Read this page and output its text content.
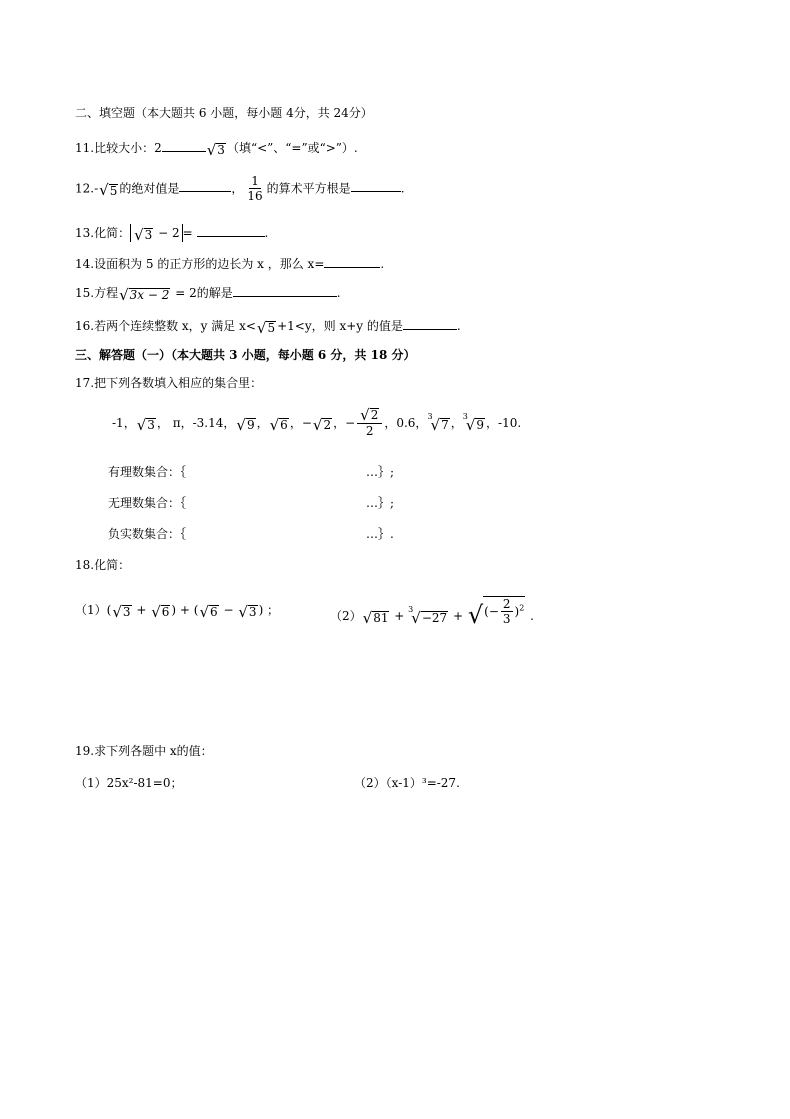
二、填空题（本大题共 6 小题，每小题 4分，共 24分）
11.比较大小：2	√ 3 （填“<”、“=”或“>”）.
12.- √ 5 的绝对值是	， $\frac{1}{16}$ 的算术平方根是	.
13.化简： √ 3 − 2 =	.
14.设面积为 5 的正方形的边长为 x ，那么 x=	.
15.方程 √ 3x − 2 = 2的解是	.
16.若两个连续整数 x，y 满足 x< √ 5 +1<y，则 x+y 的值是	.
三、解答题（一）（本大题共 3 小题，每小题 6 分，共 18 分）
17.把下列各数填入相应的集合里：
-1， √ 3 ， π，-3.14， √ 9 ， √ 6 ，− √ 2 ，− $\frac{√ 2}{2}$ ，0.6，$^3$
√ 7 ，$^3$
√ 9 ，-10.
有理数集合：｛	…｝;
无理数集合：｛	…｝;
负实数集合：｛	…｝.
18.化简：
（1）( √ 3 + √ 6 ) + ( √ 6 − √ 3 ) ；	（2） √ 81 + $^3$
√ −27 + √ (− $\frac{2}{3} )^2$
.
19.求下列各题中 x的值：
（1）25x²-81=0；	（2）（x-1）³=-27.
